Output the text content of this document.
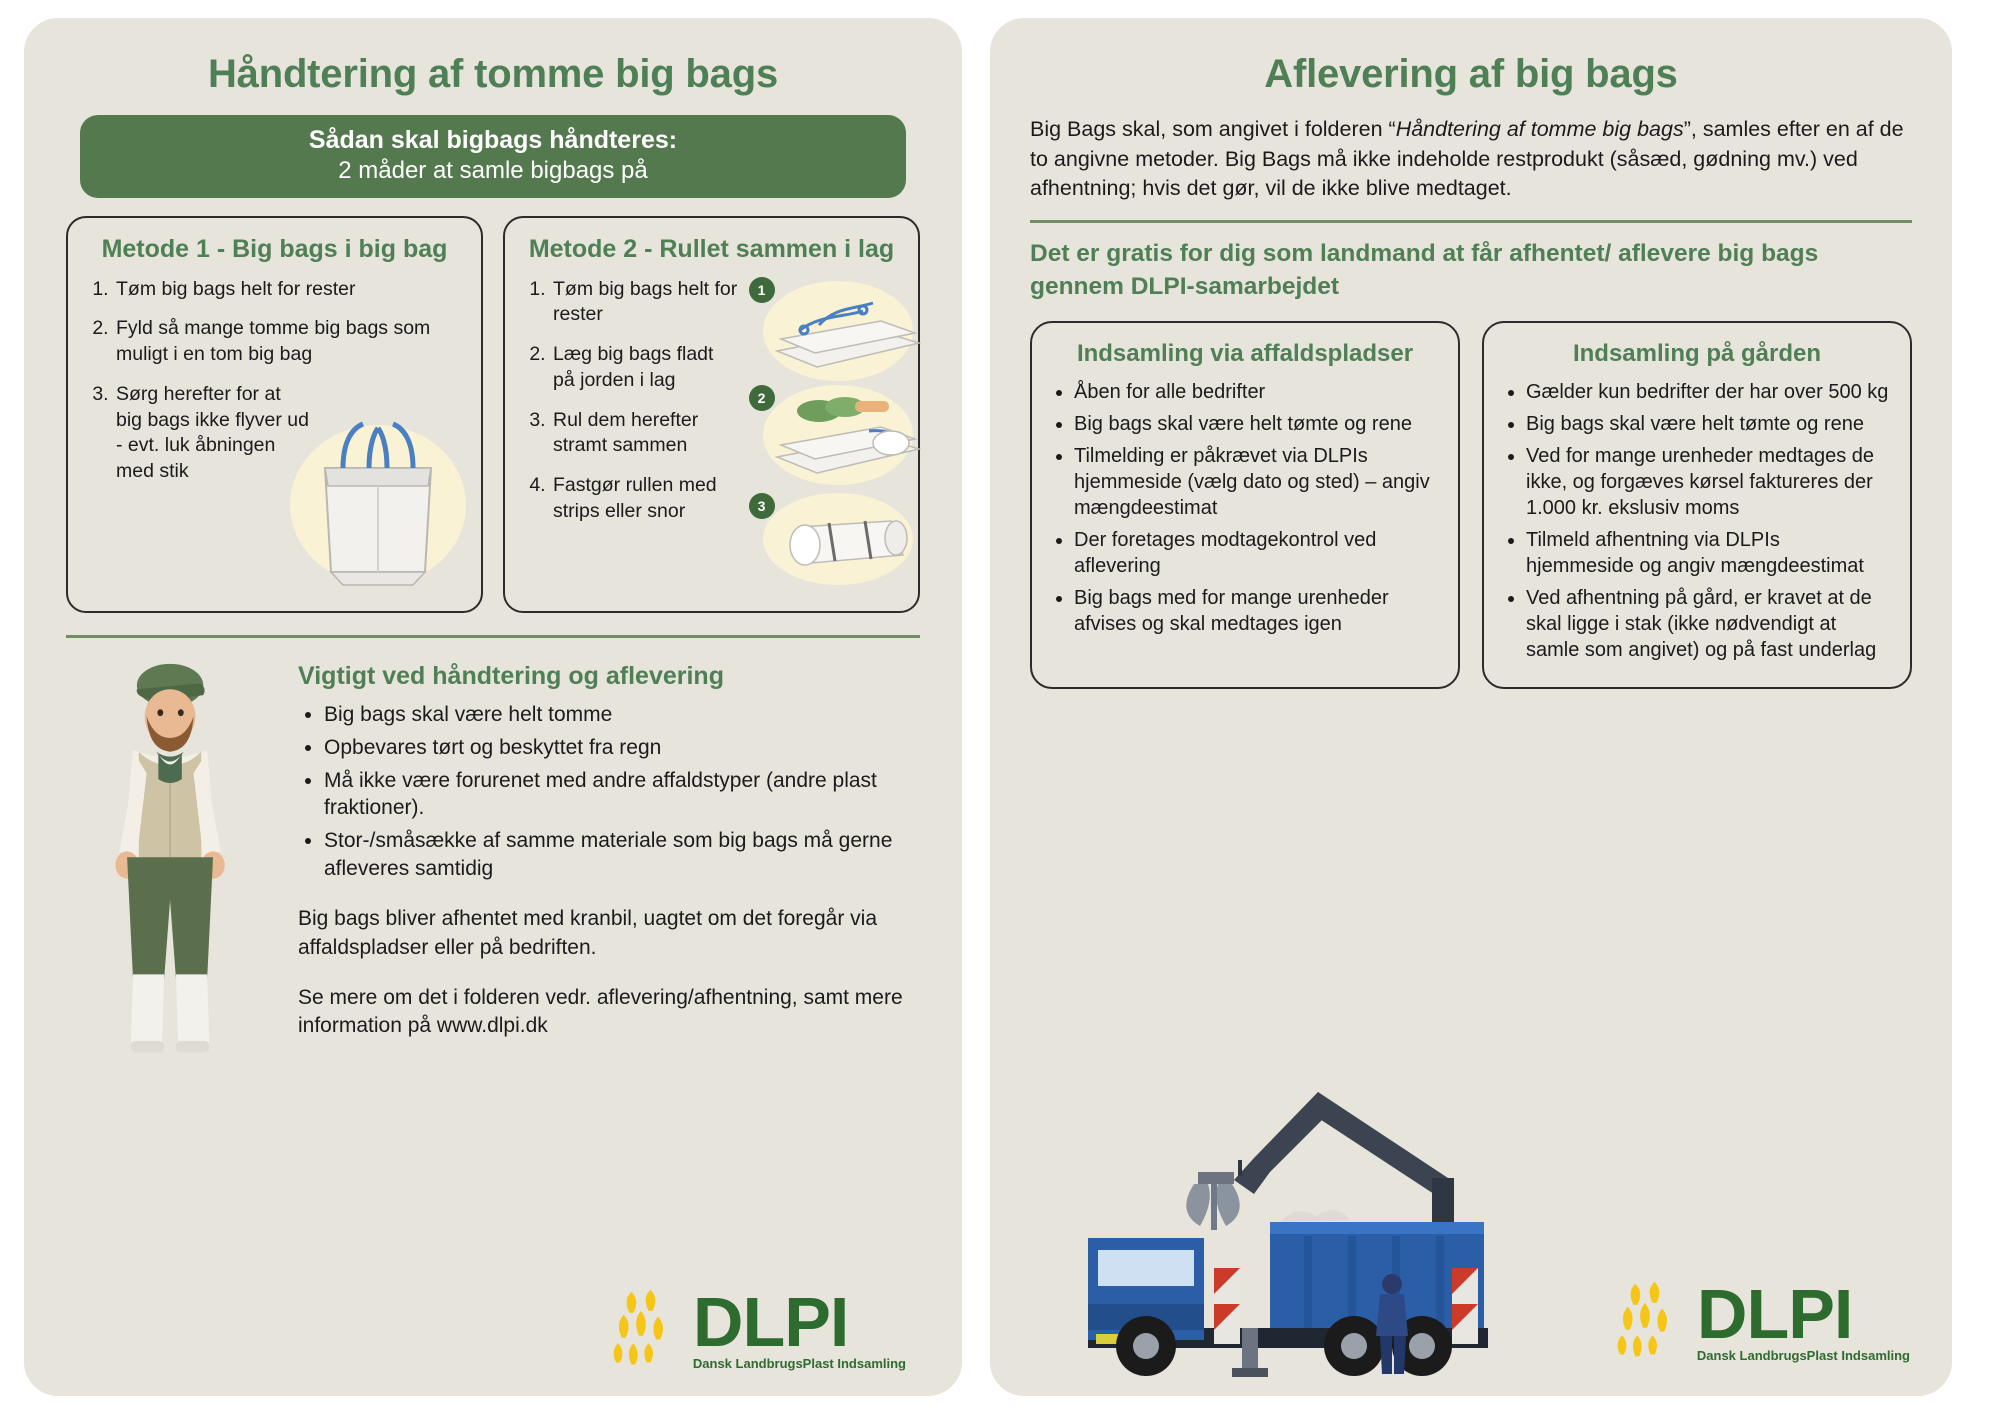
Håndtering af tomme big bags
Sådan skal bigbags håndteres:
2 måder at samle bigbags på
Metode 1 - Big bags i big bag
1. Tøm big bags helt for rester
2. Fyld så mange tomme big bags som muligt i en tom big bag
3. Sørg herefter for at big bags ikke flyver ud - evt. luk åbningen med stik
Metode 2 - Rullet sammen i lag
1. Tøm big bags helt for rester
2. Læg big bags fladt på jorden i lag
3. Rul dem herefter stramt sammen
4. Fastgør rullen med strips eller snor
1
2
3
Vigtigt ved håndtering og aflevering
• Big bags skal være helt tomme
• Opbevares tørt og beskyttet fra regn
• Må ikke være forurenet med andre affaldstyper (andre plast fraktioner).
• Stor-/småsække af samme materiale som big bags må gerne afleveres samtidig

Big bags bliver afhentet med kranbil, uagtet om det foregår via affaldspladser eller på bedriften.

Se mere om det i folderen vedr. aflevering/afhentning, samt mere information på www.dlpi.dk

DLPI
Dansk LandbrugsPlast Indsamling
Aflevering af big bags

Big Bags skal, som angivet i folderen “Håndtering af tomme big bags”, samles efter en af de to angivne metoder. Big Bags må ikke indeholde restprodukt (såsæd, gødning mv.) ved afhentning; hvis det gør, vil de ikke blive medtaget.

Det er gratis for dig som landmand at får afhentet/ aflevere big bags gennem DLPI-samarbejdet
Indsamling via affaldspladser
• Åben for alle bedrifter
• Big bags skal være helt tømte og rene
• Tilmelding er påkrævet via DLPIs hjemmeside (vælg dato og sted) – angiv mængdeestimat
• Der foretages modtagekontrol ved aflevering
• Big bags med for mange urenheder afvises og skal medtages igen
Indsamling på gården
• Gælder kun bedrifter der har over 500 kg
• Big bags skal være helt tømte og rene
• Ved for mange urenheder medtages de ikke, og forgæves kørsel faktureres der 1.000 kr. ekslusiv moms
• Tilmeld afhentning via DLPIs hjemmeside og angiv mængdeestimat
• Ved afhentning på gård, er kravet at de skal ligge i stak (ikke nødvendigt at samle som angivet) og på fast underlag
DLPI
Dansk LandbrugsPlast Indsamling
